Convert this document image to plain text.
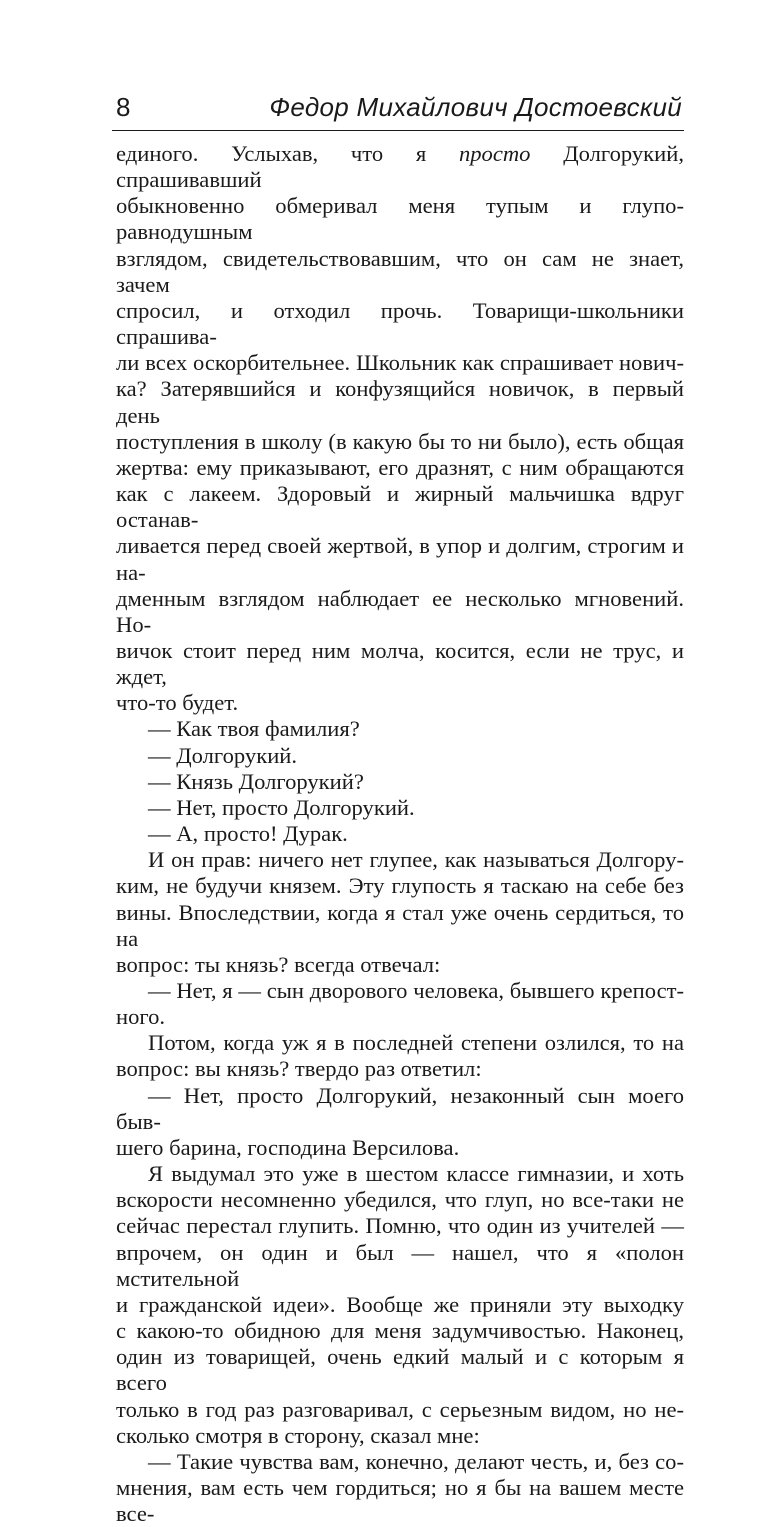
8	Федор Михайлович Достоевский

единого. Услыхав, что я просто Долгорукий, спрашивавший

обыкновенно обмеривал меня тупым и глупо-равнодушным

взглядом, свидетельствовавшим, что он сам не знает, зачем

спросил, и отходил прочь. Товарищи-школьники спрашива-

ли всех оскорбительнее. Школьник как спрашивает нович-

ка? Затерявшийся и конфузящийся новичок, в первый день

поступления в школу (в какую бы то ни было), есть общая

жертва: ему приказывают, его дразнят, с ним обращаются

как с лакеем. Здоровый и жирный мальчишка вдруг останав-

ливается перед своей жертвой, в упор и долгим, строгим и на-

дменным взглядом наблюдает ее несколько мгновений. Но-

вичок стоит перед ним молча, косится, если не трус, и ждет,

что-то будет.

— Как твоя фамилия?

— Долгорукий.

— Князь Долгорукий?

— Нет, просто Долгорукий.

— А, просто! Дурак.

И он прав: ничего нет глупее, как называться Долгору-

ким, не будучи князем. Эту глупость я таскаю на себе без

вины. Впоследствии, когда я стал уже очень сердиться, то на

вопрос: ты князь? всегда отвечал:

— Нет, я — сын дворового человека, бывшего крепост-

ного.

Потом, когда уж я в последней степени озлился, то на

вопрос: вы князь? твердо раз ответил:

— Нет, просто Долгорукий, незаконный сын моего быв-

шего барина, господина Версилова.

Я выдумал это уже в шестом классе гимназии, и хоть

вскорости несомненно убедился, что глуп, но все-таки не

сейчас перестал глупить. Помню, что один из учителей —

впрочем, он один и был — нашел, что я «полон мстительной

и гражданской идеи». Вообще же приняли эту выходку

с какою-то обидною для меня задумчивостью. Наконец,

один из товарищей, очень едкий малый и с которым я всего

только в год раз разговаривал, с серьезным видом, но не-

сколько смотря в сторону, сказал мне:

— Такие чувства вам, конечно, делают честь, и, без со-

мнения, вам есть чем гордиться; но я бы на вашем месте все-
